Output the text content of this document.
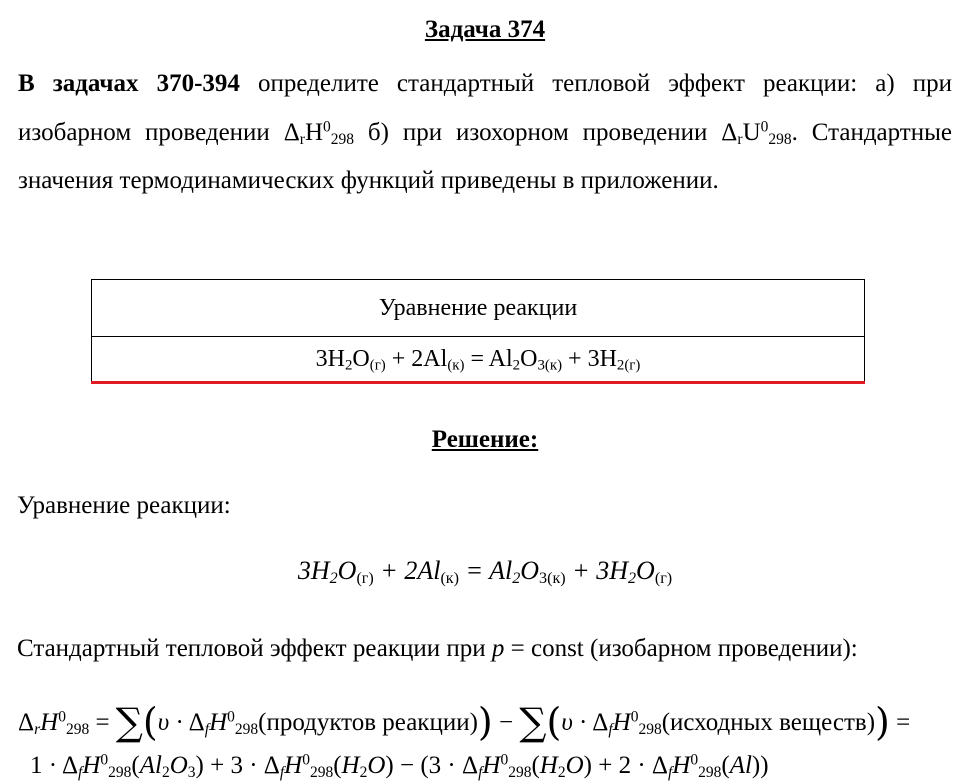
Задача 374
В задачах 370-394 определите стандартный тепловой эффект реакции: а) при изобарном проведении $\Delta_rH^0_{298}$ б) при изохорном проведении $\Delta_rU^0_{298}$. Стандартные значения термодинамических функций приведены в приложении.
Уравнение реакции
$3H_2O_{(г)} + 2Al_{(к)} = Al_2O_{3(к)} + 3H_{2(г)}$
Решение:
Уравнение реакции:
$3H_2O_{(г)} + 2Al_{(к)} = Al_2O_{3(к)} + 3H_2O_{(г)}$
Стандартный тепловой эффект реакции при p = const (изобарном проведении):
$\Delta_rH^0_{298} = \sum(\upsilon$ · $\Delta_fH^0_{298}(продуктов$ реакции)) − $\sum(\upsilon \cdot \Delta_fH^0_{298}(исходных$ веществ)) =
$1 \cdot \Delta_fH^0_{298}(Al_2O_3) + 3 \cdot \Delta_fH^0_{298}(H_2O) - (3 \cdot \Delta_fH^0_{298}(H_2O) + 2 \cdot \Delta_fH^0_{298}(Al))$
